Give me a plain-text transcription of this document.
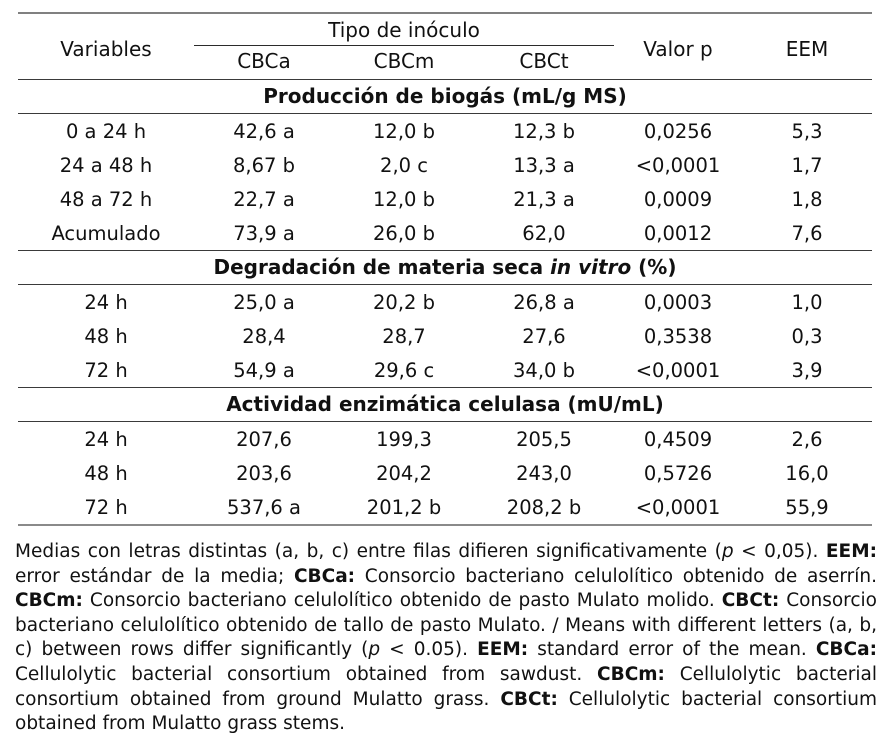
Variables	Tipo de inóculo			Valor p	EEM
	CBCa	CBCm	CBCt		
Producción de biogás (mL/g MS)					
0 a 24 h	42,6 a	12,0 b	12,3 b	0,0256	5,3
24 a 48 h	8,67 b	2,0 c	13,3 a	<0,0001	1,7
48 a 72 h	22,7 a	12,0 b	21,3 a	0,0009	1,8
Acumulado	73,9 a	26,0 b	62,0	0,0012	7,6
Degradación de materia seca in vitro (%)					
24 h	25,0 a	20,2 b	26,8 a	0,0003	1,0
48 h	28,4	28,7	27,6	0,3538	0,3
72 h	54,9 a	29,6 c	34,0 b	<0,0001	3,9
Actividad enzimática celulasa (mU/mL)					
24 h	207,6	199,3	205,5	0,4509	2,6
48 h	203,6	204,2	243,0	0,5726	16,0
72 h	537,6 a	201,2 b	208,2 b	<0,0001	55,9
Medias con letras distintas (a, b, c) entre filas difieren significativamente (p < 0,05). EEM: error estándar de la media; CBCa: Consorcio bacteriano celulolítico obtenido de aserrín. CBCm: Consorcio bacteriano celulolítico obtenido de pasto Mulato molido. CBCt: Consorcio bacteriano celulolítico obtenido de tallo de pasto Mulato. / Means with different letters (a, b, c) between rows differ significantly (p < 0.05). EEM: standard error of the mean. CBCa: Cellulolytic bacterial consortium obtained from sawdust. CBCm: Cellulolytic bacterial consortium obtained from ground Mulatto grass. CBCt: Cellulolytic bacterial consortium obtained from Mulatto grass stems.
